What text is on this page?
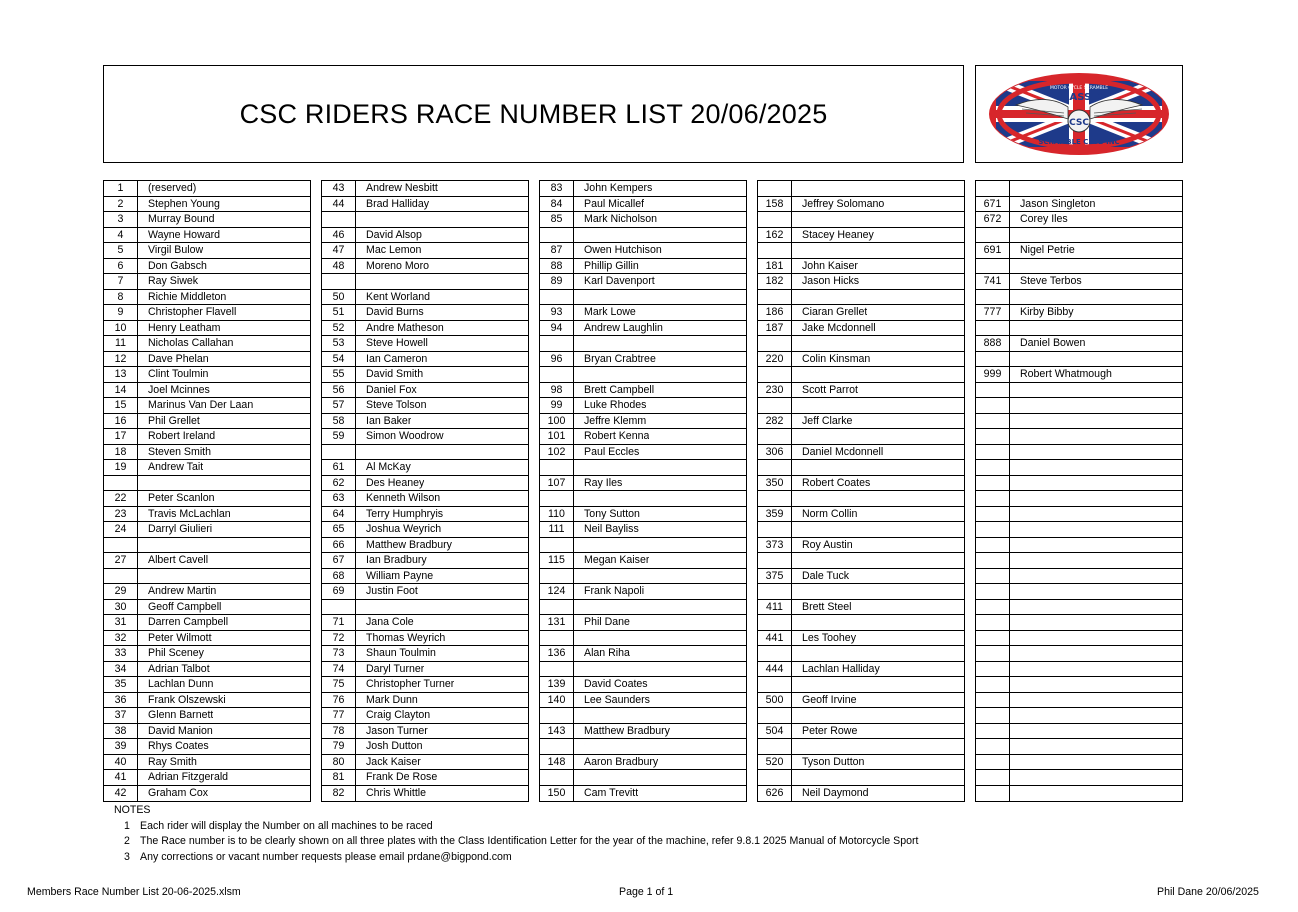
CSC RIDERS RACE NUMBER LIST 20/06/2025	CSC
CLASSIC
MOTOR CYCLE SCRAMBLE
SCRAMBLE CLUB INC
1	(reserved)
2	Stephen Young
3	Murray Bound
4	Wayne Howard
5	Virgil Bulow
6	Don Gabsch
7	Ray Siwek
8	Richie Middleton
9	Christopher Flavell
10	Henry Leatham
11	Nicholas Callahan
12	Dave Phelan
13	Clint Toulmin
14	Joel Mcinnes
15	Marinus Van Der Laan
16	Phil Grellet
17	Robert Ireland
18	Steven Smith
19	Andrew Tait
22	Peter Scanlon
23	Travis McLachlan
24	Darryl Giulieri
27	Albert Cavell
29	Andrew Martin
30	Geoff Campbell
31	Darren Campbell
32	Peter Wilmott
33	Phil Sceney
34	Adrian Talbot
35	Lachlan Dunn
36	Frank Olszewski
37	Glenn Barnett
38	David Manion
39	Rhys Coates
40	Ray Smith
41	Adrian Fitzgerald
42	Graham Cox
43	Andrew Nesbitt
44	Brad Halliday
46	David Alsop
47	Mac Lemon
48	Moreno Moro
50	Kent Worland
51	David Burns
52	Andre Matheson
53	Steve Howell
54	Ian Cameron
55	David Smith
56	Daniel Fox
57	Steve Tolson
58	Ian Baker
59	Simon Woodrow
61	Al McKay
62	Des Heaney
63	Kenneth Wilson
64	Terry Humphryis
65	Joshua Weyrich
66	Matthew Bradbury
67	Ian Bradbury
68	William Payne
69	Justin Foot
71	Jana Cole
72	Thomas Weyrich
73	Shaun Toulmin
74	Daryl Turner
75	Christopher Turner
76	Mark Dunn
77	Craig Clayton
78	Jason Turner
79	Josh Dutton
80	Jack Kaiser
81	Frank De Rose
82	Chris Whittle
83	John Kempers
84	Paul Micallef
85	Mark Nicholson
87	Owen Hutchison
88	Phillip Gillin
89	Karl Davenport
93	Mark Lowe
94	Andrew Laughlin
96	Bryan Crabtree
98	Brett Campbell
99	Luke Rhodes
100	Jeffre Klemm
101	Robert Kenna
102	Paul Eccles
107	Ray Iles
110	Tony Sutton
111	Neil Bayliss
115	Megan Kaiser
124	Frank Napoli
131	Phil Dane
136	Alan Riha
139	David Coates
140	Lee Saunders
143	Matthew Bradbury
148	Aaron Bradbury
150	Cam Trevitt
158	Jeffrey Solomano
162	Stacey Heaney
181	John Kaiser
182	Jason Hicks
186	Ciaran Grellet
187	Jake Mcdonnell
220	Colin Kinsman
230	Scott Parrot
282	Jeff Clarke
306	Daniel Mcdonnell
350	Robert Coates
359	Norm Collin
373	Roy Austin
375	Dale Tuck
411	Brett Steel
441	Les Toohey
444	Lachlan Halliday
500	Geoff Irvine
504	Peter Rowe
520	Tyson Dutton
626	Neil Daymond
671	Jason Singleton
672	Corey Iles
691	Nigel Petrie
741	Steve Terbos
777	Kirby Bibby
888	Daniel Bowen
999	Robert Whatmough
NOTES
1 Each rider will display the Number on all machines to be raced
2 The Race number is to be clearly shown on all three plates with the Class Identification Letter for the year of the machine, refer 9.8.1 2025 Manual of Motorcycle Sport
3 Any corrections or vacant number requests please email prdane@bigpond.com
Members Race Number List 20-06-2025.xlsm	Page 1 of 1	Phil Dane 20/06/2025
